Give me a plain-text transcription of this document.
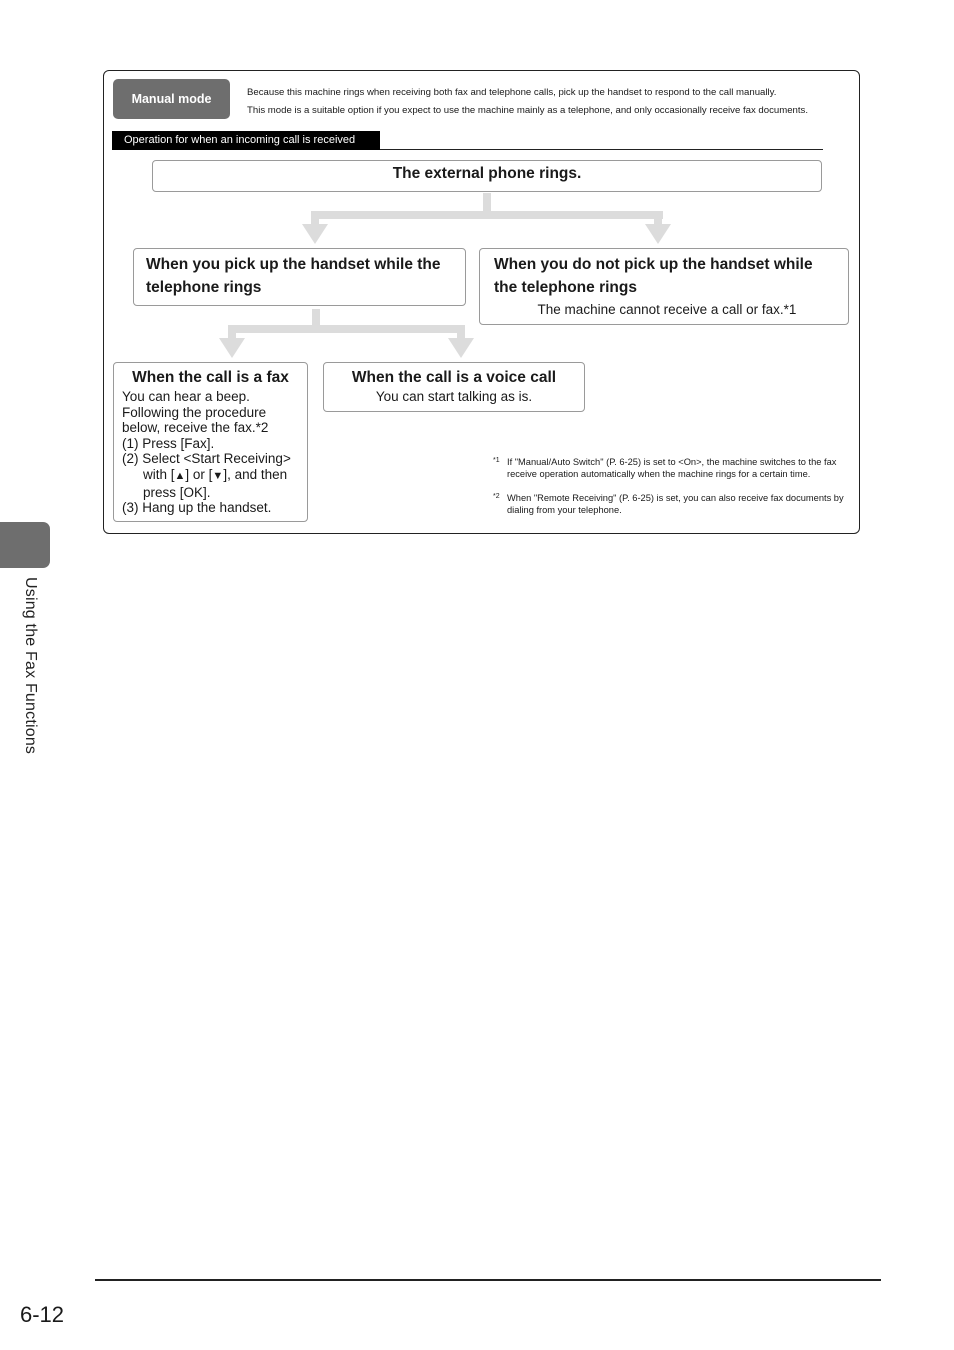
Manual mode	Because this machine rings when receiving both fax and telephone calls, pick up the handset to respond to the call manually.
This mode is a suitable option if you expect to use the machine mainly as a telephone, and only occasionally receive fax documents.
Operation for when an incoming call is received
The external phone rings.
When you pick up the handset while the telephone rings
When you do not pick up the handset while the telephone rings
The machine cannot receive a call or fax.*1
When the call is a fax
You can hear a beep.
Following the procedure
below, receive the fax.*2
(1) Press [Fax].
(2) Select <Start Receiving>
with [▲] or [▼], and then
press [OK].
(3) Hang up the handset.
When the call is a voice call
You can start talking as is.
*1 If "Manual/Auto Switch" (P. 6-25) is set to <On>, the machine switches to the fax receive operation automatically when the machine rings for a certain time.
*2 When "Remote Receiving" (P. 6-25) is set, you can also receive fax documents by dialing from your telephone.
Using the Fax Functions
6-12
